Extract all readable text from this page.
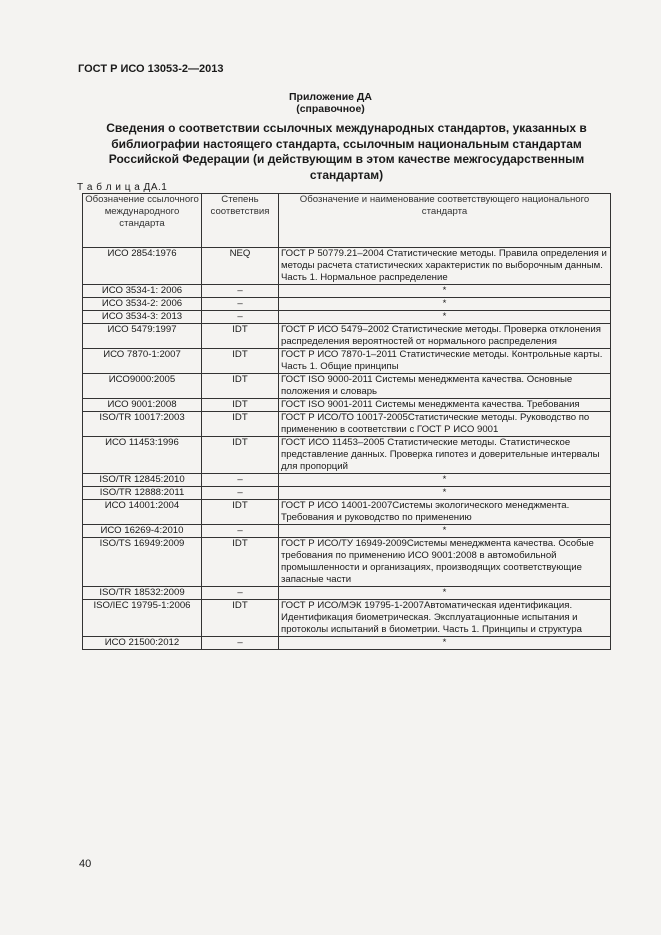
ГОСТ Р ИСО 13053-2—2013
Приложение ДА
(справочное)
Сведения о соответствии ссылочных международных стандартов, указанных в библиографии настоящего стандарта, ссылочным национальным стандартам Российской Федерации (и действующим в этом качестве межгосударственным стандартам)
Т а б л и ц а ДА.1
Обозначение ссылочного международного стандарта	Степень соответствия	Обозначение и наименование соответствующего национального стандарта
ИСО 2854:1976	NEQ	ГОСТ Р 50779.21–2004 Статистические методы. Правила определения и методы расчета статистических характеристик по выборочным данным. Часть 1. Нормальное распределение
ИСО 3534-1: 2006	–	*
ИСО 3534-2: 2006	–	*
ИСО 3534-3: 2013	–	*
ИСО 5479:1997	IDT	ГОСТ Р ИСО 5479–2002 Статистические методы. Проверка отклонения распределения вероятностей от нормального распределения
ИСО 7870-1:2007	IDT	ГОСТ Р ИСО 7870-1–2011 Статистические методы. Контрольные карты. Часть 1. Общие принципы
ИСО9000:2005	IDT	ГОСТ ISO 9000-2011 Системы менеджмента качества. Основные положения и словарь
ИСО 9001:2008	IDT	ГОСТ ISO 9001-2011 Системы менеджмента качества. Требования
ISO/TR 10017:2003	IDT	ГОСТ Р ИСО/ТО 10017-2005Статистические методы. Руководство по применению в соответствии с ГОСТ Р ИСО 9001
ИСО 11453:1996	IDT	ГОСТ ИСО 11453–2005 Статистические методы. Статистическое представление данных. Проверка гипотез и доверительные интервалы для пропорций
ISO/TR 12845:2010	–	*
ISO/TR 12888:2011	–	*
ИСО 14001:2004	IDT	ГОСТ Р ИСО 14001-2007Системы экологического менеджмента. Требования и руководство по применению
ИСО 16269-4:2010	–	*
ISO/TS 16949:2009	IDT	ГОСТ Р ИСО/ТУ 16949-2009Системы менеджмента качества. Особые требования по применению ИСО 9001:2008 в автомобильной промышленности и организациях, производящих соответствующие запасные части
ISO/TR 18532:2009	–	*
ISO/IEC 19795-1:2006	IDT	ГОСТ Р ИСО/МЭК 19795-1-2007Автоматическая идентификация. Идентификация биометрическая. Эксплуатационные испытания и протоколы испытаний в биометрии. Часть 1. Принципы и структура
ИСО 21500:2012	–	*
40
